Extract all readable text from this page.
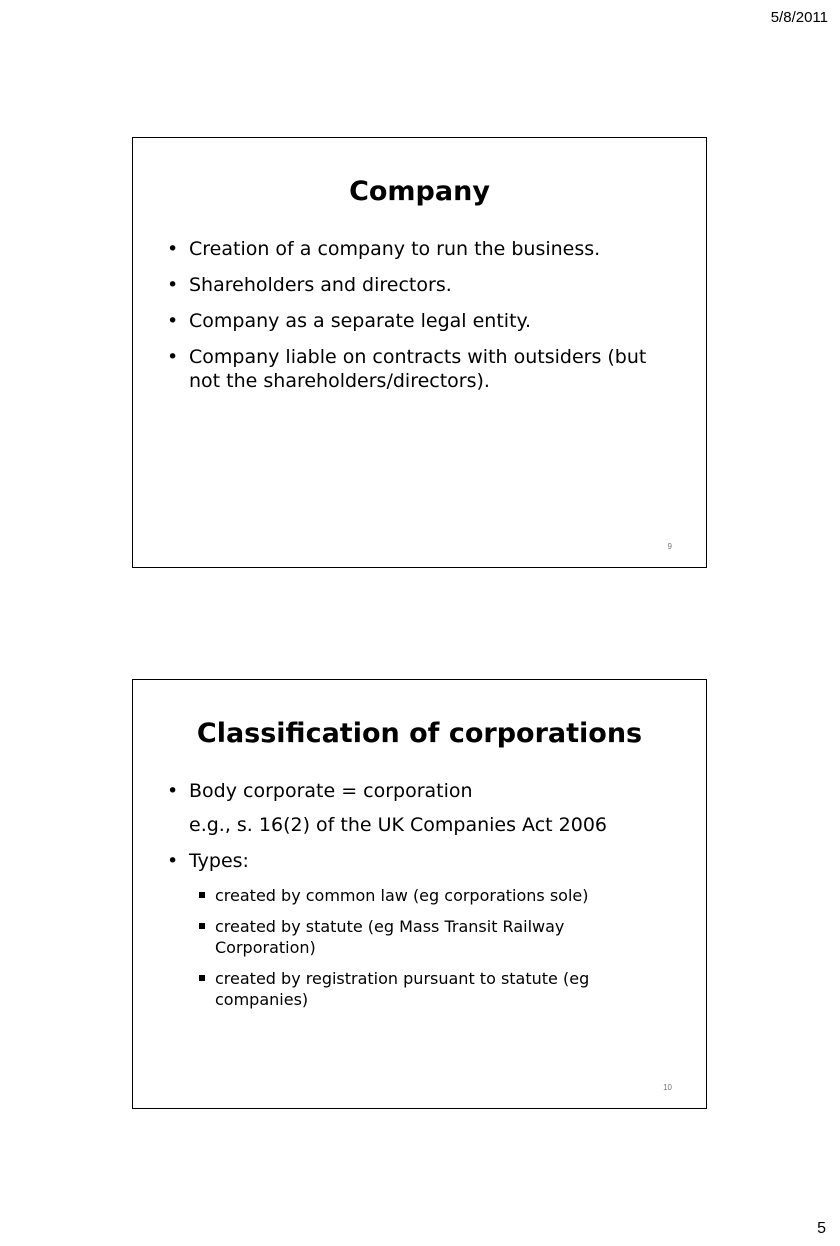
5/8/2011
Company
• Creation of a company to run the business.
• Shareholders and directors.
• Company as a separate legal entity.
• Company liable on contracts with outsiders (but not the shareholders/directors).
9
Classification of corporations
• Body corporate = corporation
e.g., s. 16(2) of the UK Companies Act 2006
• Types:
created by common law (eg corporations sole)
created by statute (eg Mass Transit Railway Corporation)
created by registration pursuant to statute (eg companies)
10
5
